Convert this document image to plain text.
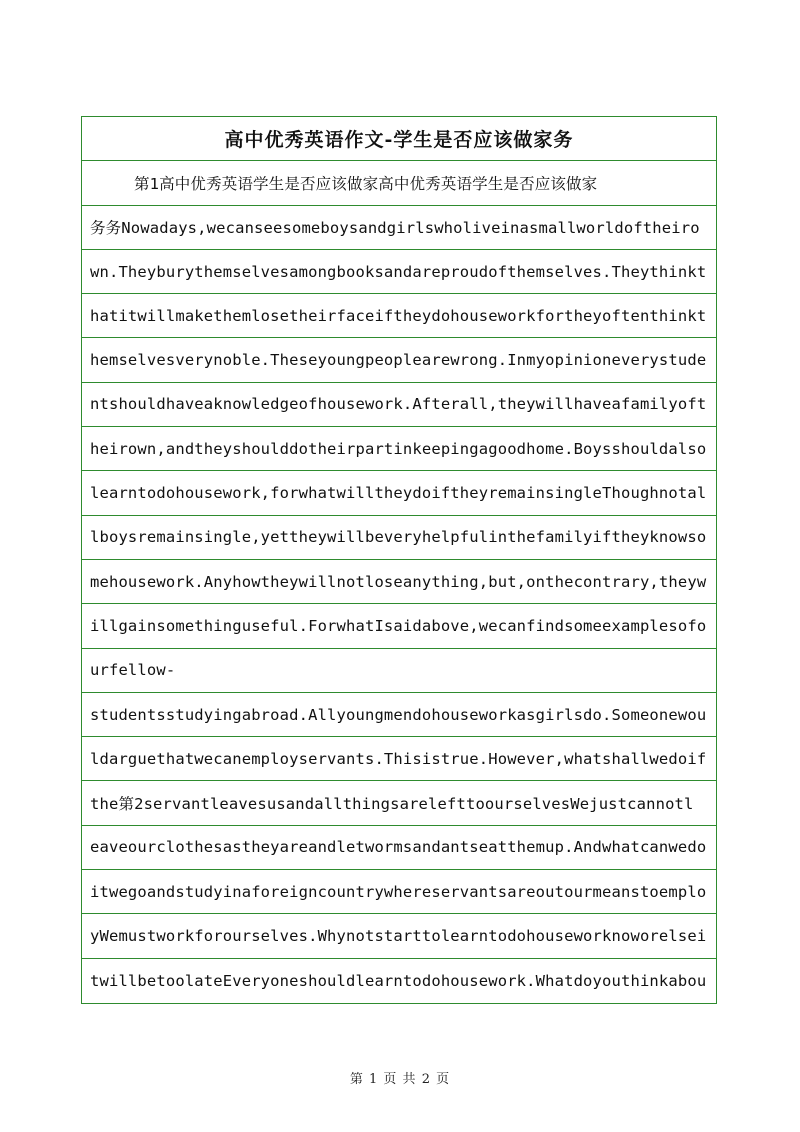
高中优秀英语作文-学生是否应该做家务
第1高中优秀英语学生是否应该做家高中优秀英语学生是否应该做家
务务Nowadays,wecanseesomeboysandgirlswholiveinasmallworldoftheiro
wn.Theyburythemselvesamongbooksandareproudofthemselves.Theythinkt
hatitwillmakethemlosetheirfaceiftheydohouseworkfortheyoftenthinkt
hemselvesverynoble.Theseyoungpeoplearewrong.Inmyopinioneverystude
ntshouldhaveaknowledgeofhousework.Afterall,theywillhaveafamilyoft
heirown,andtheyshoulddotheirpartinkeepingagoodhome.Boysshouldalso
learntodohousework,forwhatwilltheydoiftheyremainsingleThoughnotal
lboysremainsingle,yettheywillbeveryhelpfulinthefamilyiftheyknowso
mehousework.Anyhowtheywillnotloseanything,but,onthecontrary,theyw
illgainsomethinguseful.ForwhatIsaidabove,wecanfindsomeexamplesofo
urfellow-
studentsstudyingabroad.Allyoungmendohouseworkasgirlsdo.Someonewou
ldarguethatwecanemployservants.Thisistrue.However,whatshallwedoif
the第2servantleavesusandallthingsarelefttoourselvesWejustcannotl
eaveourclothesastheyareandletwormsandantseatthemup.Andwhatcanwedo
itwegoandstudyinaforeigncountrywhereservantsareoutourmeanstoemplo
yWemustworkforourselves.Whynotstarttolearntodohouseworknoworelsei
twillbetoolateEveryoneshouldlearntodohousework.Whatdoyouthinkabou
第 1 页 共 2 页
